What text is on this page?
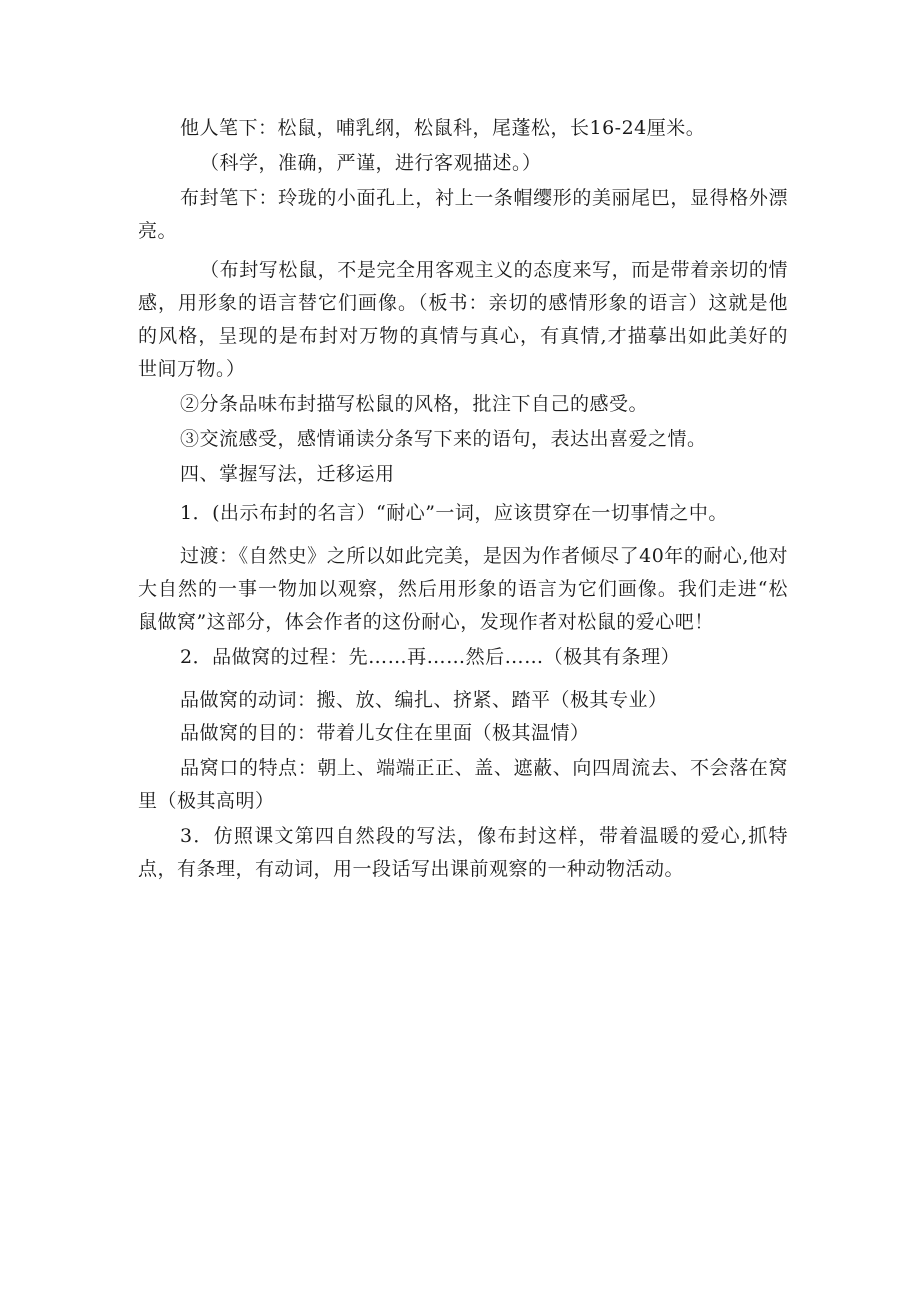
他人笔下：松鼠，哺乳纲，松鼠科，尾蓬松，长16-24厘米。

（科学，准确，严谨，进行客观描述。）

布封笔下：玲珑的小面孔上，衬上一条帽缨形的美丽尾巴，显得格外漂亮。

（布封写松鼠，不是完全用客观主义的态度来写，而是带着亲切的情感，用形象的语言替它们画像。（板书：亲切的感情形象的语言）这就是他的风格，呈现的是布封对万物的真情与真心，有真情,才描摹出如此美好的世间万物。）

②分条品味布封描写松鼠的风格，批注下自己的感受。

③交流感受，感情诵读分条写下来的语句，表达出喜爱之情。

四、掌握写法，迁移运用

1．(出示布封的名言）“耐心”一词，应该贯穿在一切事情之中。

过渡：《自然史》之所以如此完美，是因为作者倾尽了40年的耐心,他对大自然的一事一物加以观察，然后用形象的语言为它们画像。我们走进“松鼠做窝”这部分，体会作者的这份耐心，发现作者对松鼠的爱心吧！

2．品做窝的过程：先……再……然后……（极其有条理）

品做窝的动词：搬、放、编扎、挤紧、踏平（极其专业）

品做窝的目的：带着儿女住在里面（极其温情）

品窝口的特点：朝上、端端正正、盖、遮蔽、向四周流去、不会落在窝里（极其高明）

3．仿照课文第四自然段的写法，像布封这样，带着温暖的爱心,抓特点，有条理，有动词，用一段话写出课前观察的一种动物活动。
